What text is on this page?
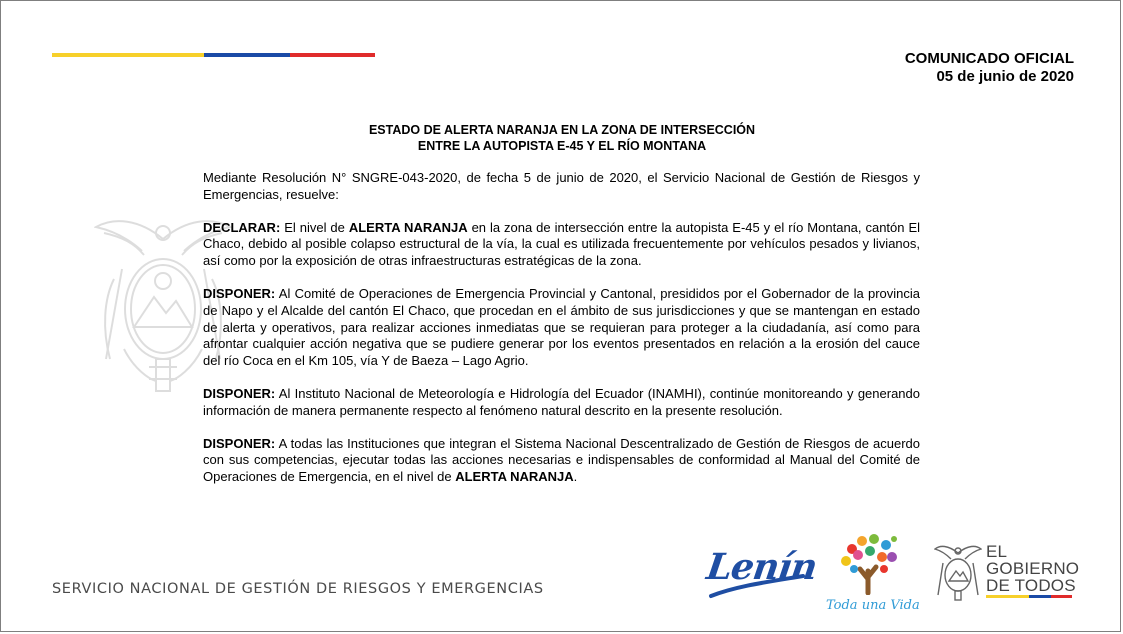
COMUNICADO OFICIAL
05 de junio de 2020
ESTADO DE ALERTA NARANJA EN LA ZONA DE INTERSECCIÓN
ENTRE LA AUTOPISTA E-45 Y EL RÍO MONTANA

Mediante Resolución N° SNGRE-043-2020, de fecha 5 de junio de 2020, el Servicio Nacional de Gestión de Riesgos y Emergencias, resuelve:

DECLARAR: El nivel de ALERTA NARANJA en la zona de intersección entre la autopista E-45 y el río Montana, cantón El Chaco, debido al posible colapso estructural de la vía, la cual es utilizada frecuentemente por vehículos pesados y livianos, así como por la exposición de otras infraestructuras estratégicas de la zona.

DISPONER: Al Comité de Operaciones de Emergencia Provincial y Cantonal, presididos por el Gobernador de la provincia de Napo y el Alcalde del cantón El Chaco, que procedan en el ámbito de sus jurisdicciones y que se mantengan en estado de alerta y operativos, para realizar acciones inmediatas que se requieran para proteger a la ciudadanía, así como para afrontar cualquier acción negativa que se pudiere generar por los eventos presentados en relación a la erosión del cauce del río Coca en el Km 105, vía Y de Baeza – Lago Agrio.

DISPONER: Al Instituto Nacional de Meteorología e Hidrología del Ecuador (INAMHI), continúe monitoreando y generando información de manera permanente respecto al fenómeno natural descrito en la presente resolución.

DISPONER: A todas las Instituciones que integran el Sistema Nacional Descentralizado de Gestión de Riesgos de acuerdo con sus competencias, ejecutar todas las acciones necesarias e indispensables de conformidad al Manual del Comité de Operaciones de Emergencia, en el nivel de ALERTA NARANJA.

SERVICIO NACIONAL DE GESTIÓN DE RIESGOS Y EMERGENCIAS
Lenín
Toda una Vida
EL
GOBIERNO
DE TODOS
